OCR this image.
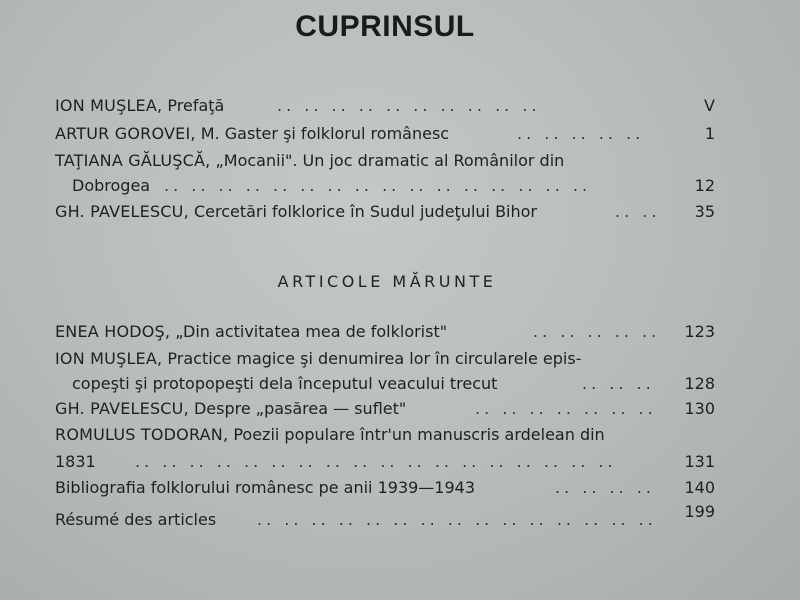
CUPRINSUL
ION MUŞLEA, Prefaţă	.. .. .. .. .. .. .. .. .. ..	V
ARTUR GOROVEI, M. Gaster şi folklorul românesc	.. .. .. .. ..	1
TAŢIANA GĂLUŞCĂ, „Mocanii". Un joc dramatic al Românilor din
Dobrogea .. .. .. .. .. .. .. .. .. .. .. .. .. .. .. ..	12
GH. PAVELESCU, Cercetări folklorice în Sudul judeţului Bihor	.. .. 35
ARTICOLE MĂRUNTE
ENEA HODOŞ, „Din activitatea mea de folklorist"	.. .. .. .. .. 123
ION MUŞLEA, Practice magice şi denumirea lor în circularele epis-
copeşti şi protopopeşti dela începutul veacului trecut	.. .. .. 128
GH. PAVELESCU, Despre „pasărea — suflet"	.. .. .. .. .. .. .. 130
ROMULUS TODORAN, Poezii populare într'un manuscris ardelean din
1831 .. .. .. .. .. .. .. .. .. .. .. .. .. .. .. .. .. ..	131
Bibliografia folklorului românesc pe anii 1939—1943	.. .. .. .. 140
Résumé des articles	.. .. .. .. .. .. .. .. .. .. .. .. .. .. .. 199
